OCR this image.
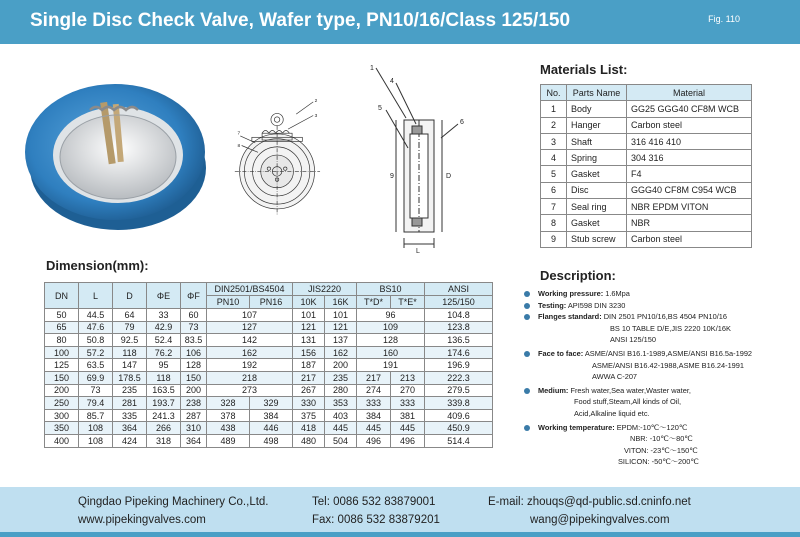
Single Disc Check Valve, Wafer type, PN10/16/Class 125/150	Fig. 110
7
8
2
3
1
4
5
6
9
L
D
Materials List:
No.	Parts Name	Material
1	Body	GG25 GGG40 CF8M WCB
2	Hanger	Carbon steel
3	Shaft	316 416 410
4	Spring	304 316
5	Gasket	F4
6	Disc	GGG40 CF8M C954 WCB
7	Seal ring	NBR EPDM VITON
8	Gasket	NBR
9	Stub screw	Carbon steel
Dimension(mm):
DN	L	D	ΦE	ΦF	DIN2501/BS4504		JIS2220		BS10		ANSI
					PN10	PN16	10K	16K	T*D*	T*E*	125/150
50	44.5	64	33	60	107		101	101	96		104.8
65	47.6	79	42.9	73	127		121	121	109		123.8
80	50.8	92.5	52.4	83.5	142		131	137	128		136.5
100	57.2	118	76.2	106	162		156	162	160		174.6
125	63.5	147	95	128	192		187	200	191		196.9
150	69.9	178.5	118	150	218		217	235	217	213	222.3
200	73	235	163.5	200	273		267	280	274	270	279.5
250	79.4	281	193.7	238	328	329	330	353	333	333	339.8
300	85.7	335	241.3	287	378	384	375	403	384	381	409.6
350	108	364	266	310	438	446	418	445	445	445	450.9
400	108	424	318	364	489	498	480	504	496	496	514.4
Description:
Working pressure: 1.6Mpa
Testing: API598 DIN 3230
Flanges standard: DIN 2501 PN10/16,BS 4504 PN10/16
BS 10 TABLE D/E,JIS 2220 10K/16K
ANSI 125/150
Face to face: ASME/ANSI B16.1-1989,ASME/ANSI B16.5a-1992
ASME/ANSI B16.42-1988,ASME B16.24-1991
AWWA C-207
Medium: Fresh water,Sea water,Waster water,
Food stuff,Steam,All kinds of Oil,
Acid,Alkaline liquid etc.
Working temperature: EPDM:-10℃～120℃
NBR: -10℃～80℃
VITON: -23℃～150℃
SILICON: -50℃～200℃
Qingdao Pipeking Machinery Co.,Ltd.
www.pipekingvalves.com
Tel: 0086 532 83879001
Fax: 0086 532 83879201
E-mail: zhouqs@qd-public.sd.cninfo.net
wang@pipekingvalves.com
